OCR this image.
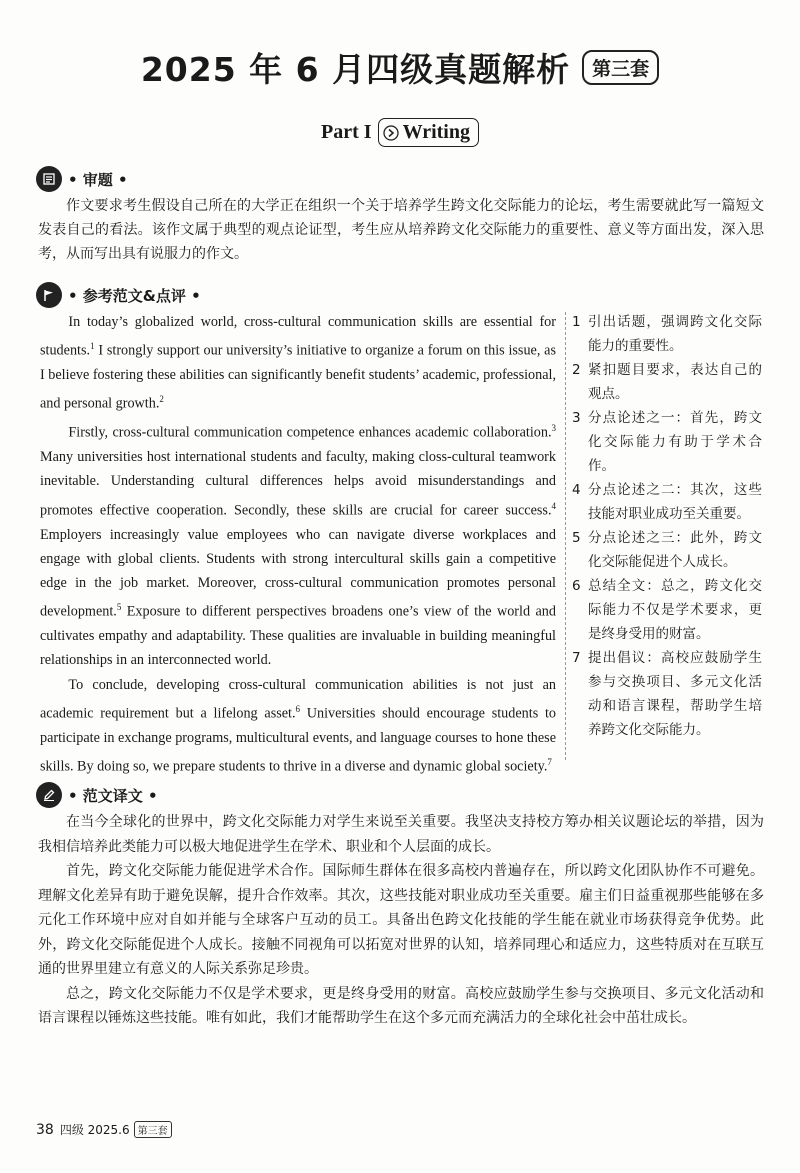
2025 年 6 月四级真题解析	第三套
Part I Writing
• 审题 •

作文要求考生假设自己所在的大学正在组织一个关于培养学生跨文化交际能力的论坛，考生需要就此写一篇短文发表自己的看法。该作文属于典型的观点论证型，考生应从培养跨文化交际能力的重要性、意义等方面出发，深入思考，从而写出具有说服力的作文。

• 参考范文&点评 •

In today’s globalized world, cross-cultural communication skills are essential for students.$^1$ I strongly support our university’s initiative to organize a forum on this issue, as I believe fostering these abilities can significantly benefit students’ academic, professional, and personal growth.$^2$

Firstly, cross-cultural communication competence enhances academic collaboration.$^3$ Many universities host international students and faculty, making closs-cultural teamwork inevitable. Understanding cultural differences helps avoid misunderstandings and promotes effective cooperation. Secondly, these skills are crucial for career success.$^4$ Employers increasingly value employees who can navigate diverse workplaces and engage with global clients. Students with strong intercultural skills gain a competitive edge in the job market. Moreover, cross-cultural communication promotes personal development.$^5$ Exposure to different perspectives broadens one’s view of the world and cultivates empathy and adaptability. These qualities are invaluable in building meaningful relationships in an interconnected world.

To conclude, developing cross-cultural communication abilities is not just an academic requirement but a lifelong asset.$^6$ Universities should encourage students to participate in exchange programs, multicultural events, and language courses to hone these skills. By doing so, we prepare students to thrive in a diverse and dynamic global society.$^7$

1 引出话题，强调跨文化交际能力的重要性。
2 紧扣题目要求，表达自己的观点。
3 分点论述之一：首先，跨文化交际能力有助于学术合作。
4 分点论述之二：其次，这些技能对职业成功至关重要。
5 分点论述之三：此外，跨文化交际能促进个人成长。
6 总结全文：总之，跨文化交际能力不仅是学术要求，更是终身受用的财富。
7 提出倡议：高校应鼓励学生参与交换项目、多元文化活动和语言课程，帮助学生培养跨文化交际能力。
• 范文译文 •

在当今全球化的世界中，跨文化交际能力对学生来说至关重要。我坚决支持校方筹办相关议题论坛的举措，因为我相信培养此类能力可以极大地促进学生在学术、职业和个人层面的成长。

首先，跨文化交际能力能促进学术合作。国际师生群体在很多高校内普遍存在，所以跨文化团队协作不可避免。理解文化差异有助于避免误解，提升合作效率。其次，这些技能对职业成功至关重要。雇主们日益重视那些能够在多元化工作环境中应对自如并能与全球客户互动的员工。具备出色跨文化技能的学生能在就业市场获得竞争优势。此外，跨文化交际能促进个人成长。接触不同视角可以拓宽对世界的认知，培养同理心和适应力，这些特质对在互联互通的世界里建立有意义的人际关系弥足珍贵。

总之，跨文化交际能力不仅是学术要求，更是终身受用的财富。高校应鼓励学生参与交换项目、多元文化活动和语言课程以锤炼这些技能。唯有如此，我们才能帮助学生在这个多元而充满活力的全球化社会中茁壮成长。

38 四级 2025.6 第三套
